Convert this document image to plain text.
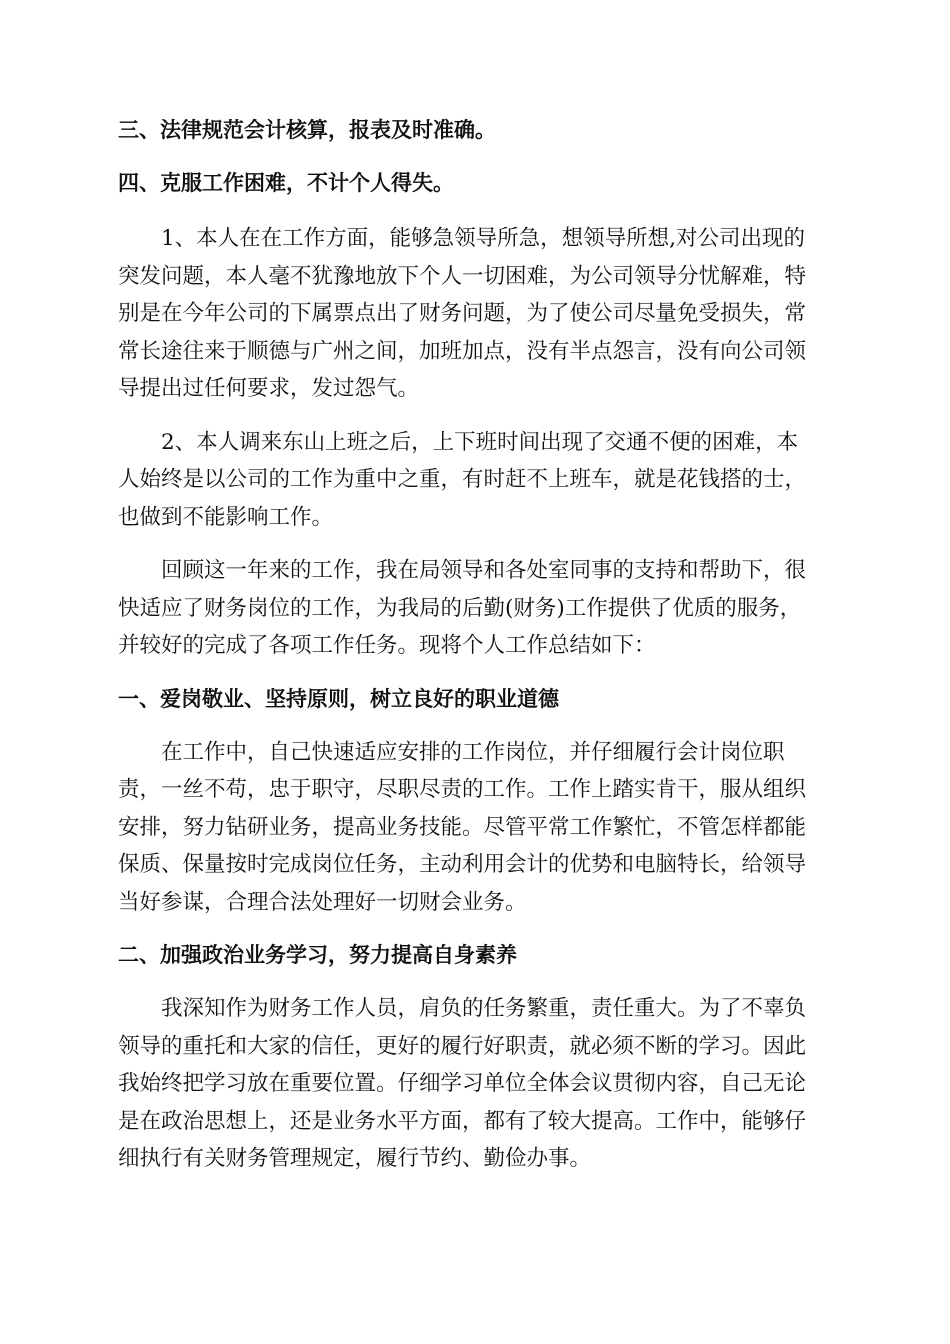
三、法律规范会计核算，报表及时准确。

四、克服工作困难，不计个人得失。

1、本人在在工作方面，能够急领导所急，想领导所想,对公司出现的
突发问题，本人毫不犹豫地放下个人一切困难，为公司领导分忧解难，特
别是在今年公司的下属票点出了财务问题，为了使公司尽量免受损失，常
常长途往来于顺德与广州之间，加班加点，没有半点怨言，没有向公司领
导提出过任何要求，发过怨气。

2、本人调来东山上班之后，上下班时间出现了交通不便的困难，本
人始终是以公司的工作为重中之重，有时赶不上班车，就是花钱搭的士，
也做到不能影响工作。

回顾这一年来的工作，我在局领导和各处室同事的支持和帮助下，很
快适应了财务岗位的工作，为我局的后勤(财务)工作提供了优质的服务，
并较好的完成了各项工作任务。现将个人工作总结如下：

一、爱岗敬业、坚持原则，树立良好的职业道德

在工作中，自己快速适应安排的工作岗位，并仔细履行会计岗位职
责，一丝不苟，忠于职守，尽职尽责的工作。工作上踏实肯干，服从组织
安排，努力钻研业务，提高业务技能。尽管平常工作繁忙，不管怎样都能
保质、保量按时完成岗位任务，主动利用会计的优势和电脑特长，给领导
当好参谋，合理合法处理好一切财会业务。

二、加强政治业务学习，努力提高自身素养

我深知作为财务工作人员，肩负的任务繁重，责任重大。为了不辜负
领导的重托和大家的信任，更好的履行好职责，就必须不断的学习。因此
我始终把学习放在重要位置。仔细学习单位全体会议贯彻内容，自己无论
是在政治思想上，还是业务水平方面，都有了较大提高。工作中，能够仔
细执行有关财务管理规定，履行节约、勤俭办事。
